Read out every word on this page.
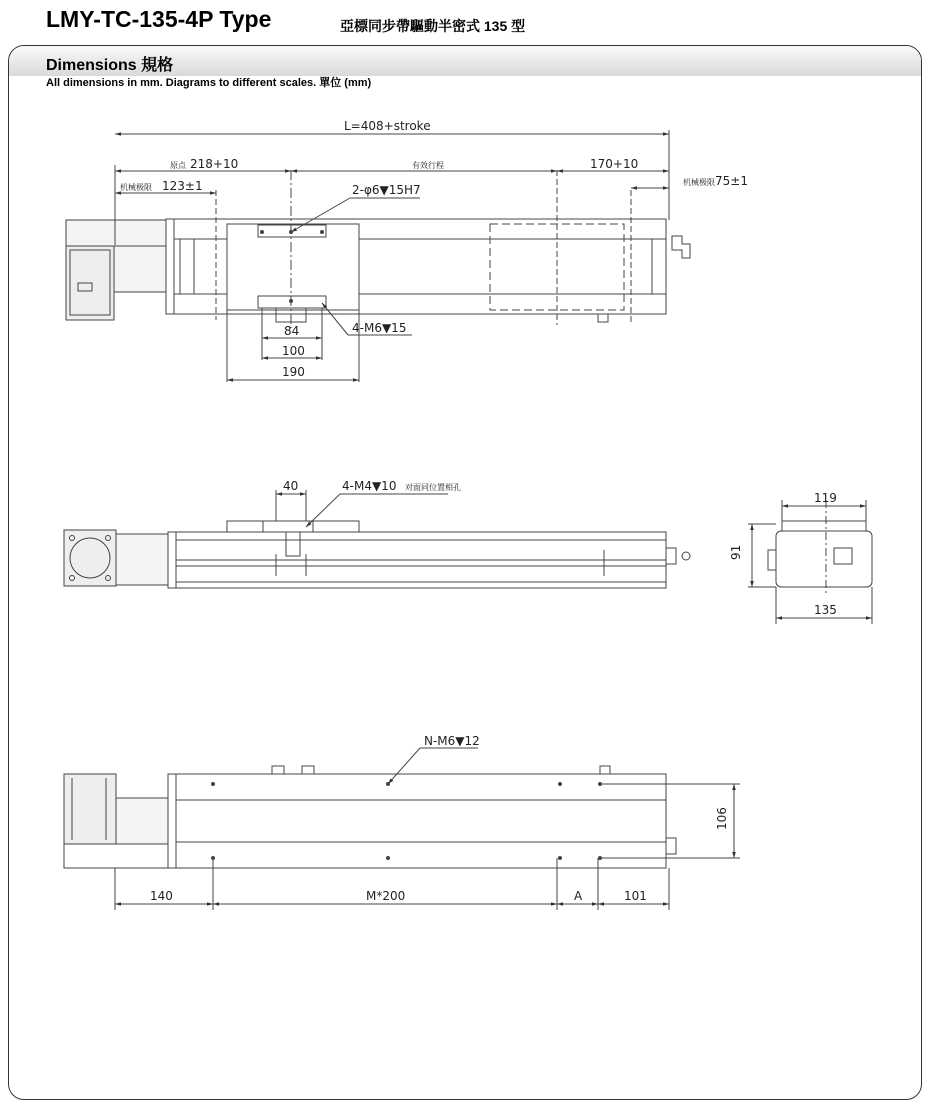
LMY-TC-135-4P Type	亞標同步帶驅動半密式 135 型
Dimensions 規格
All dimensions in mm. Diagrams to different scales. 單位 (mm)
L=408+stroke
原点 218+10	有效行程	170+10
机械极限 123±1	机械极限 75±1
2-φ6▼15H7
4-M6▼15
84
100
190
40	4-M4▼10 对面同位置相孔
119
91
135
N-M6▼12
140	M*200	A	101
106
